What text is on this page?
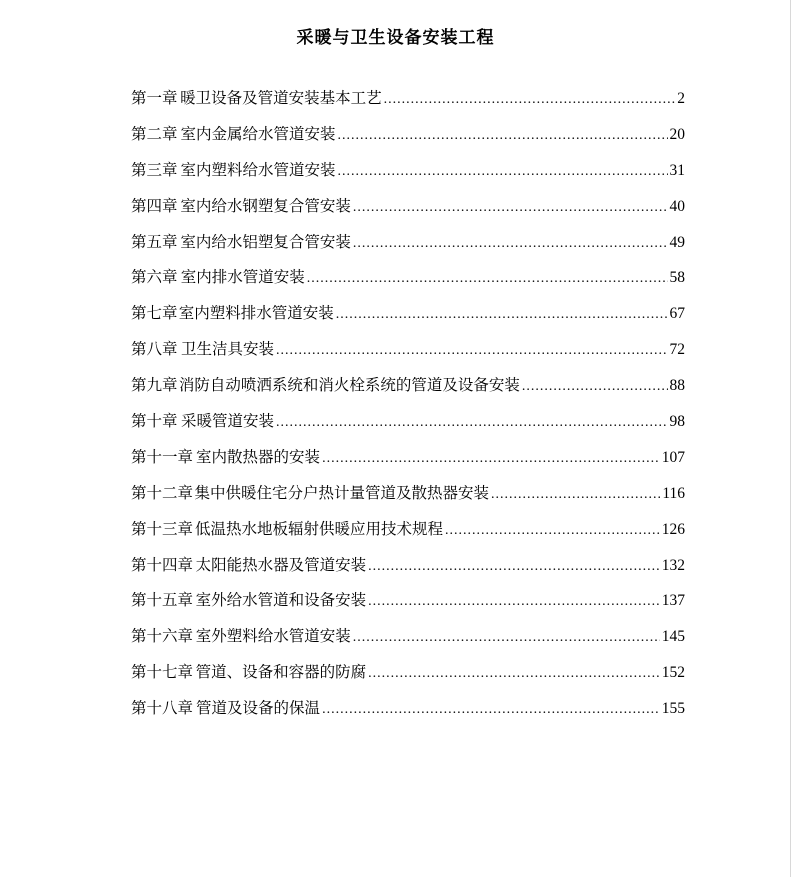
采暖与卫生设备安装工程
第一章 暖卫设备及管道安装基本工艺 .....	2
第二章 室内金属给水管道安装 .....	20
第三章 室内塑料给水管道安装 .....	31
第四章 室内给水钢塑复合管安装 .....	40
第五章 室内给水铝塑复合管安装 .....	49
第六章 室内排水管道安装 .....	58
第七章 室内塑料排水管道安装 .....	67
第八章 卫生洁具安装 .....	72
第九章 消防自动喷洒系统和消火栓系统的管道及设备安装 .....	88
第十章 采暖管道安装 .....	98
第十一章 室内散热器的安装 .....	107
第十二章 集中供暖住宅分户热计量管道及散热器安装 .....	116
第十三章 低温热水地板辐射供暖应用技术规程 .....	126
第十四章 太阳能热水器及管道安装 .....	132
第十五章 室外给水管道和设备安装 .....	137
第十六章 室外塑料给水管道安装 .....	145
第十七章 管道、设备和容器的防腐 .....	152
第十八章 管道及设备的保温 .....	155
